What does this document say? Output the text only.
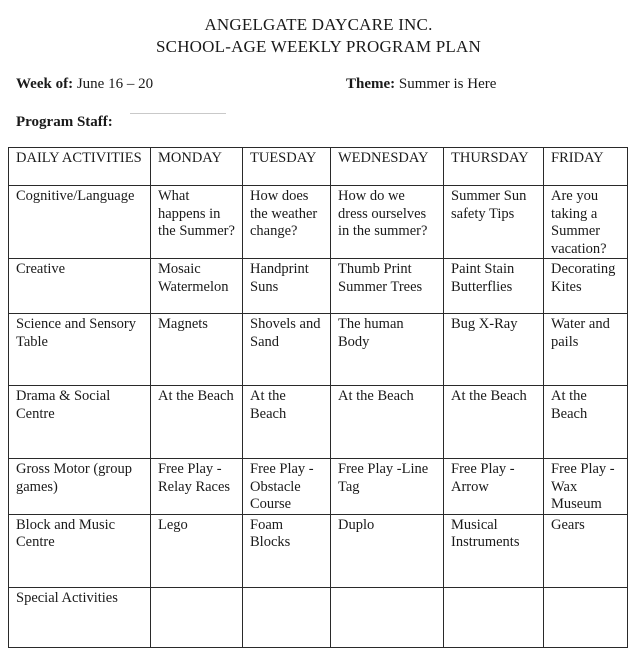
ANGELGATE DAYCARE INC.
SCHOOL-AGE WEEKLY PROGRAM PLAN
Week of: June 16 – 20	Theme: Summer is Here
Program Staff:
DAILY ACTIVITIES	MONDAY	TUESDAY	WEDNESDAY	THURSDAY	FRIDAY
Cognitive/Language	What happens in the Summer?	How does the weather change?	How do we dress ourselves in the summer?	Summer Sun safety Tips	Are you taking a Summer vacation?
Creative	Mosaic Watermelon	Handprint Suns	Thumb Print Summer Trees	Paint Stain Butterflies	Decorating Kites
Science and Sensory Table	Magnets	Shovels and Sand	The human Body	Bug X-Ray	Water and pails
Drama & Social Centre	At the Beach	At the Beach	At the Beach	At the Beach	At the Beach
Gross Motor (group games)	Free Play -Relay Races	Free Play -Obstacle Course	Free Play -Line Tag	Free Play -Arrow	Free Play -Wax Museum
Block and Music Centre	Lego	Foam Blocks	Duplo	Musical Instruments	Gears
Special Activities					
